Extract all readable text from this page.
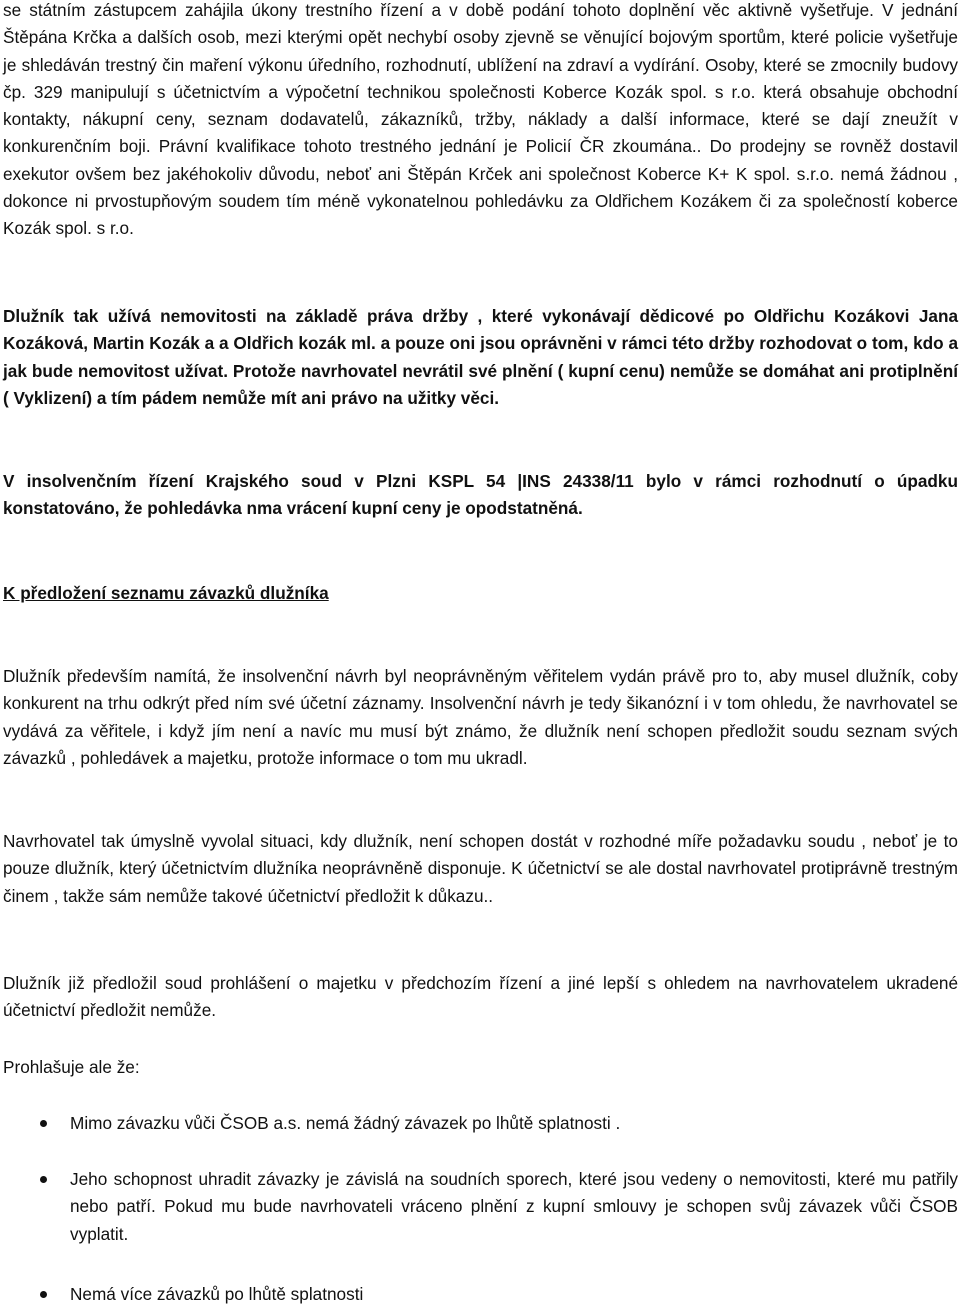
se státním zástupcem zahájila úkony trestního řízení a v době podání tohoto doplnění věc aktivně vyšetřuje. V jednání Štěpána Krčka a dalších osob, mezi kterými opět nechybí osoby zjevně se věnující bojovým sportům, které policie vyšetřuje je shledáván trestný čin maření výkonu úředního, rozhodnutí, ublížení na zdraví a vydírání. Osoby, které se zmocnily budovy čp. 329 manipulují s účetnictvím a výpočetní technikou společnosti Koberce Kozák spol. s r.o. která obsahuje obchodní kontakty, nákupní ceny, seznam dodavatelů, zákazníků, tržby, náklady a další informace, které se dají zneužít v konkurenčním boji. Právní kvalifikace tohoto trestného jednání je Policií ČR zkoumána.. Do prodejny se rovněž dostavil exekutor ovšem bez jakéhokoliv důvodu, neboť ani Štěpán Krček ani společnost Koberce K+ K spol. s.r.o. nemá žádnou , dokonce ni prvostupňovým soudem tím méně vykonatelnou pohledávku za Oldřichem Kozákem či za společností koberce Kozák spol. s r.o.

Dlužník tak užívá nemovitosti na základě práva držby , které vykonávají dědicové po Oldřichu Kozákovi Jana Kozáková, Martin Kozák a a Oldřich kozák ml. a pouze oni jsou oprávněni v rámci této držby rozhodovat o tom, kdo a jak bude nemovitost užívat. Protože navrhovatel nevrátil své plnění ( kupní cenu) nemůže se domáhat ani protiplnění ( Vyklizení) a tím pádem nemůže mít ani právo na užitky věci.

V insolvenčním řízení Krajského soud v Plzni KSPL 54 |INS 24338/11 bylo v rámci rozhodnutí o úpadku konstatováno, že pohledávka nma vrácení kupní ceny je opodstatněná.

K předložení seznamu závazků dlužníka

Dlužník především namítá, že insolvenční návrh byl neoprávněným věřitelem vydán právě pro to, aby musel dlužník, coby konkurent na trhu odkrýt před ním své účetní záznamy. Insolvenční návrh je tedy šikanózní i v tom ohledu, že navrhovatel se vydává za věřitele, i když jím není a navíc mu musí být známo, že dlužník není schopen předložit soudu seznam svých závazků , pohledávek a majetku, protože informace o tom mu ukradl.

Navrhovatel tak úmyslně vyvolal situaci, kdy dlužník, není schopen dostát v rozhodné míře požadavku soudu , neboť je to pouze dlužník, který účetnictvím dlužníka neoprávněně disponuje. K účetnictví se ale dostal navrhovatel protiprávně trestným činem , takže sám nemůže takové účetnictví předložit k důkazu..

Dlužník již předložil soud prohlášení o majetku v předchozím řízení a jiné lepší s ohledem na navrhovatelem ukradené účetnictví předložit nemůže.

Prohlašuje ale že:

Mimo závazku vůči ČSOB a.s. nemá žádný závazek po lhůtě splatnosti .
Jeho schopnost uhradit závazky je závislá na soudních sporech, které jsou vedeny o nemovitosti, které mu patřily nebo patří. Pokud mu bude navrhovateli vráceno plnění z kupní smlouvy je schopen svůj závazek vůči ČSOB vyplatit.
Nemá více závazků po lhůtě splatnosti
